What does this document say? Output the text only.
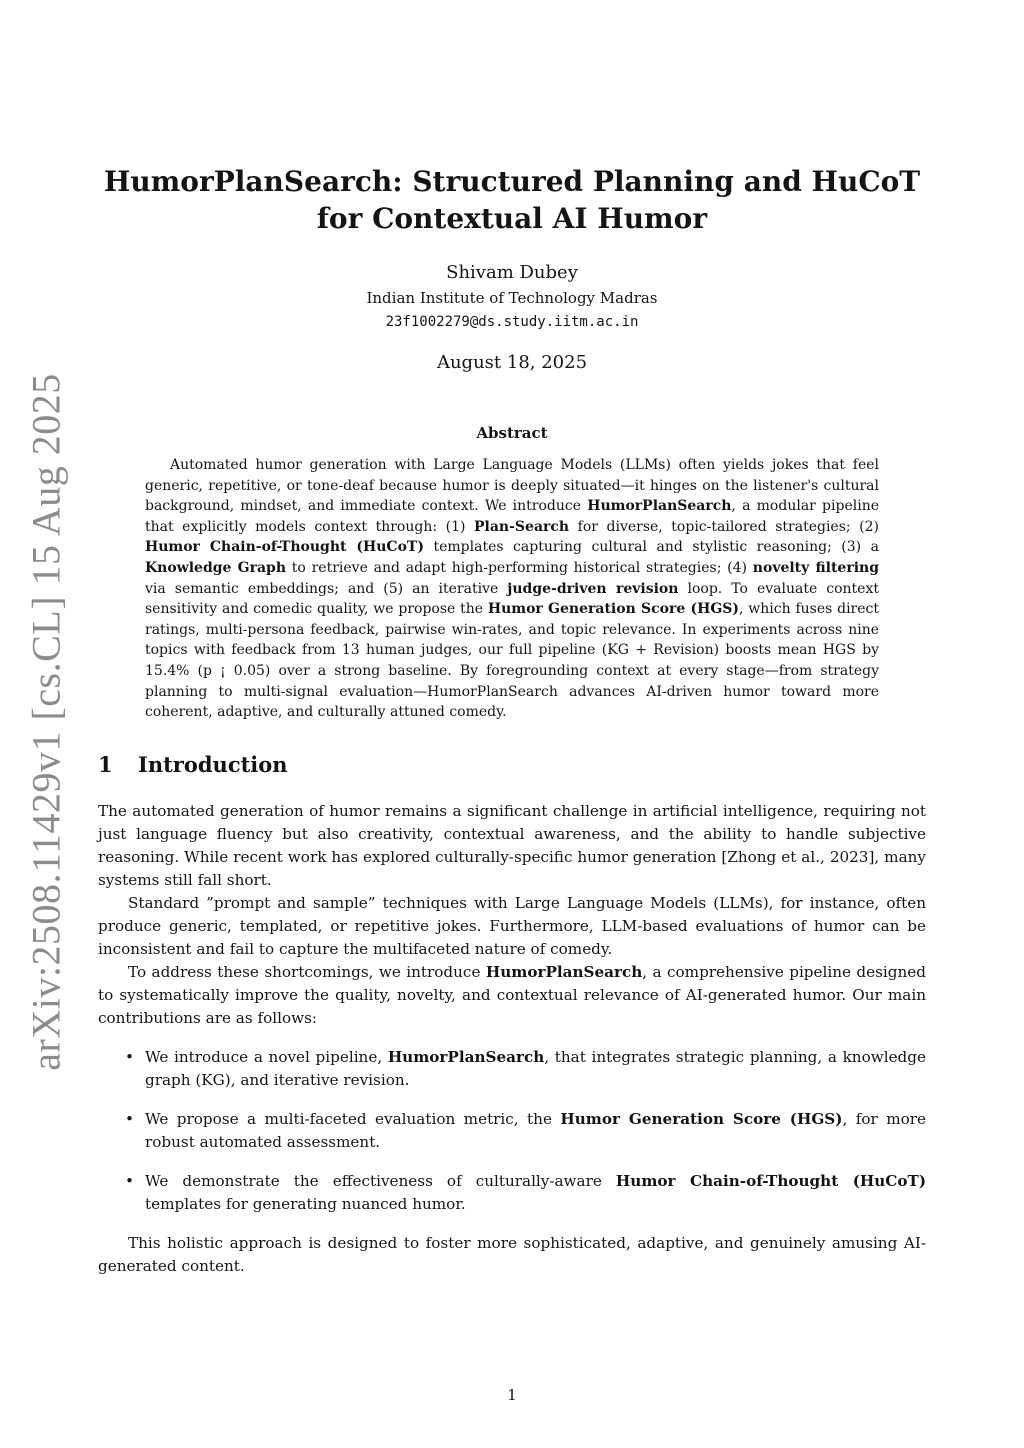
arXiv:2508.11429v1 [cs.CL] 15 Aug 2025
HumorPlanSearch: Structured Planning and HuCoT for Contextual AI Humor

Shivam Dubey

Indian Institute of Technology Madras

23f1002279@ds.study.iitm.ac.in

August 18, 2025

Abstract

Automated humor generation with Large Language Models (LLMs) often yields jokes that feel generic, repetitive, or tone-deaf because humor is deeply situated—it hinges on the listener's cultural background, mindset, and immediate context. We introduce HumorPlanSearch, a modular pipeline that explicitly models context through: (1) Plan-Search for diverse, topic-tailored strategies; (2) Humor Chain-of-Thought (HuCoT) templates capturing cultural and stylistic reasoning; (3) a Knowledge Graph to retrieve and adapt high-performing historical strategies; (4) novelty filtering via semantic embeddings; and (5) an iterative judge-driven revision loop. To evaluate context sensitivity and comedic quality, we propose the Humor Generation Score (HGS), which fuses direct ratings, multi-persona feedback, pairwise win-rates, and topic relevance. In experiments across nine topics with feedback from 13 human judges, our full pipeline (KG + Revision) boosts mean HGS by 15.4% (p ¡ 0.05) over a strong baseline. By foregrounding context at every stage—from strategy planning to multi-signal evaluation—HumorPlanSearch advances AI-driven humor toward more coherent, adaptive, and culturally attuned comedy.

1 Introduction

The automated generation of humor remains a significant challenge in artificial intelligence, requiring not just language fluency but also creativity, contextual awareness, and the ability to handle subjective reasoning. While recent work has explored culturally-specific humor generation [Zhong et al., 2023], many systems still fall short.

Standard ”prompt and sample” techniques with Large Language Models (LLMs), for instance, often produce generic, templated, or repetitive jokes. Furthermore, LLM-based evaluations of humor can be inconsistent and fail to capture the multifaceted nature of comedy.

To address these shortcomings, we introduce HumorPlanSearch, a comprehensive pipeline designed to systematically improve the quality, novelty, and contextual relevance of AI-generated humor. Our main contributions are as follows:

• We introduce a novel pipeline, HumorPlanSearch, that integrates strategic planning, a knowledge graph (KG), and iterative revision.
• We propose a multi-faceted evaluation metric, the Humor Generation Score (HGS), for more robust automated assessment.
• We demonstrate the effectiveness of culturally-aware Humor Chain-of-Thought (HuCoT) templates for generating nuanced humor.

This holistic approach is designed to foster more sophisticated, adaptive, and genuinely amusing AI-generated content.

1
